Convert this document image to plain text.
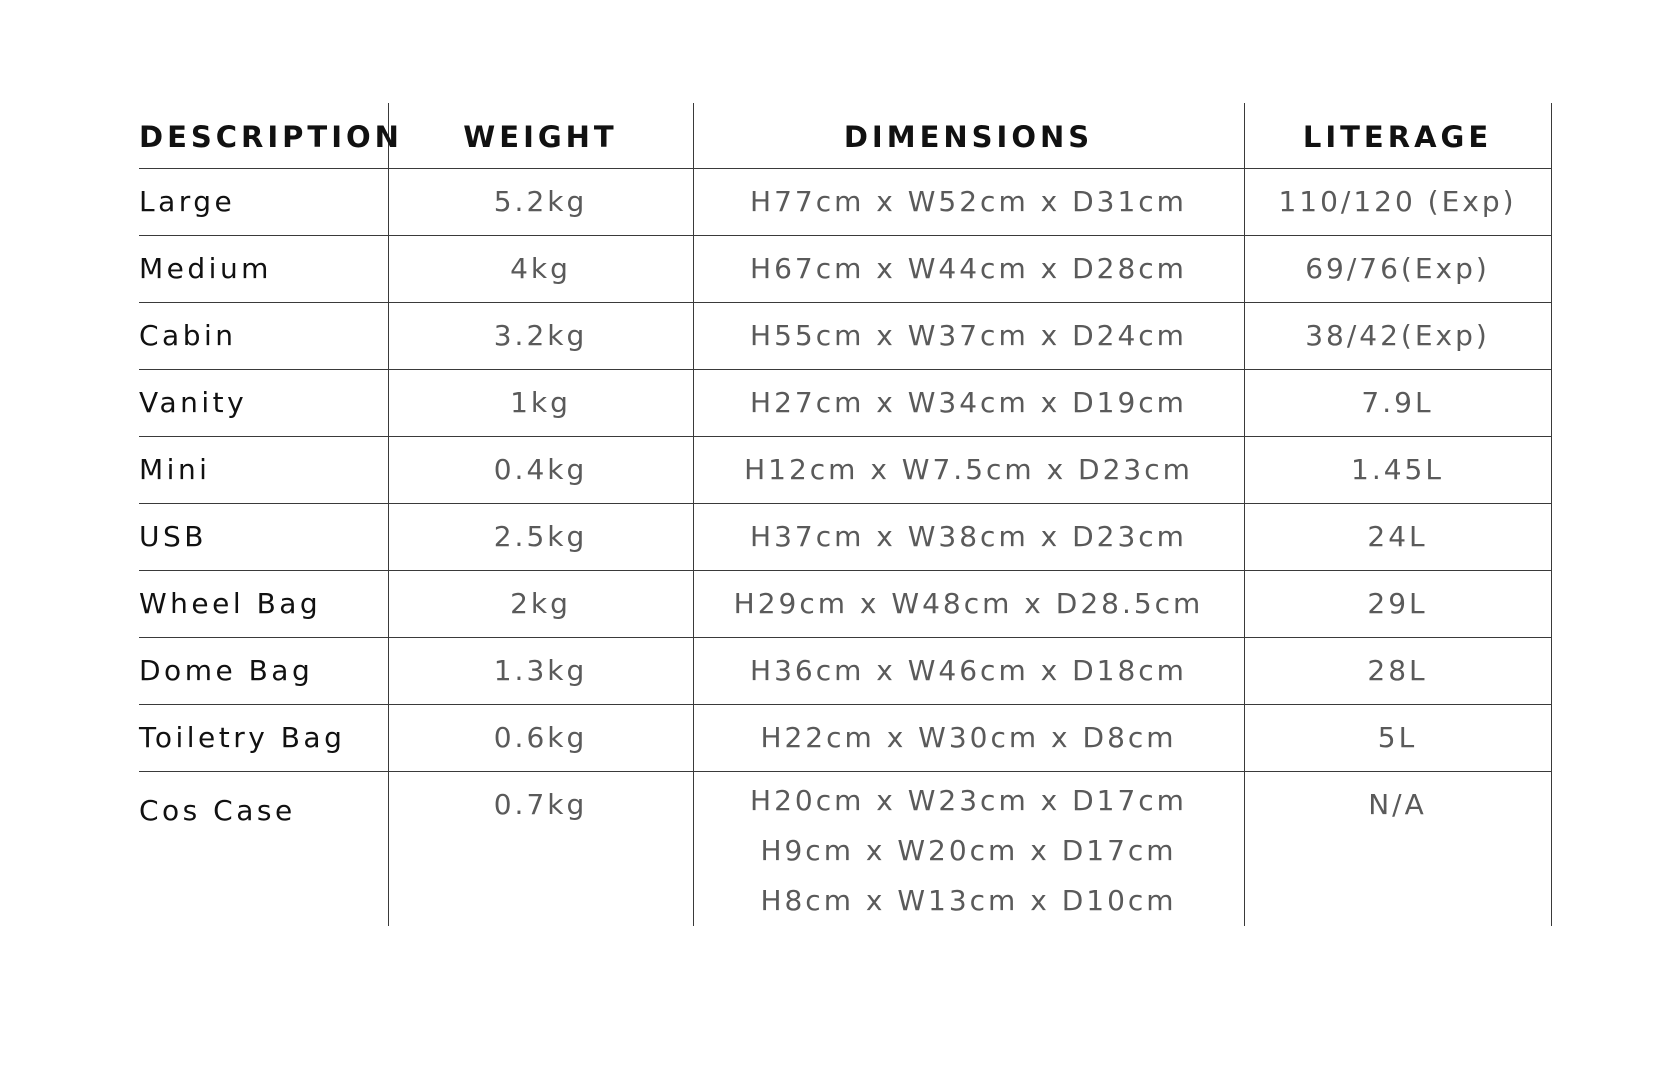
DESCRIPTION	WEIGHT	DIMENSIONS	LITERAGE
Large	5.2kg	H77cm x W52cm x D31cm	110/120 (Exp)
Medium	4kg	H67cm x W44cm x D28cm	69/76(Exp)
Cabin	3.2kg	H55cm x W37cm x D24cm	38/42(Exp)
Vanity	1kg	H27cm x W34cm x D19cm	7.9L
Mini	0.4kg	H12cm x W7.5cm x D23cm	1.45L
USB	2.5kg	H37cm x W38cm x D23cm	24L
Wheel Bag	2kg	H29cm x W48cm x D28.5cm	29L
Dome Bag	1.3kg	H36cm x W46cm x D18cm	28L
Toiletry Bag	0.6kg	H22cm x W30cm x D8cm	5L
Cos Case	0.7kg	H20cm x W23cm x D17cm
H9cm x W20cm x D17cm
H8cm x W13cm x D10cm	N/A
